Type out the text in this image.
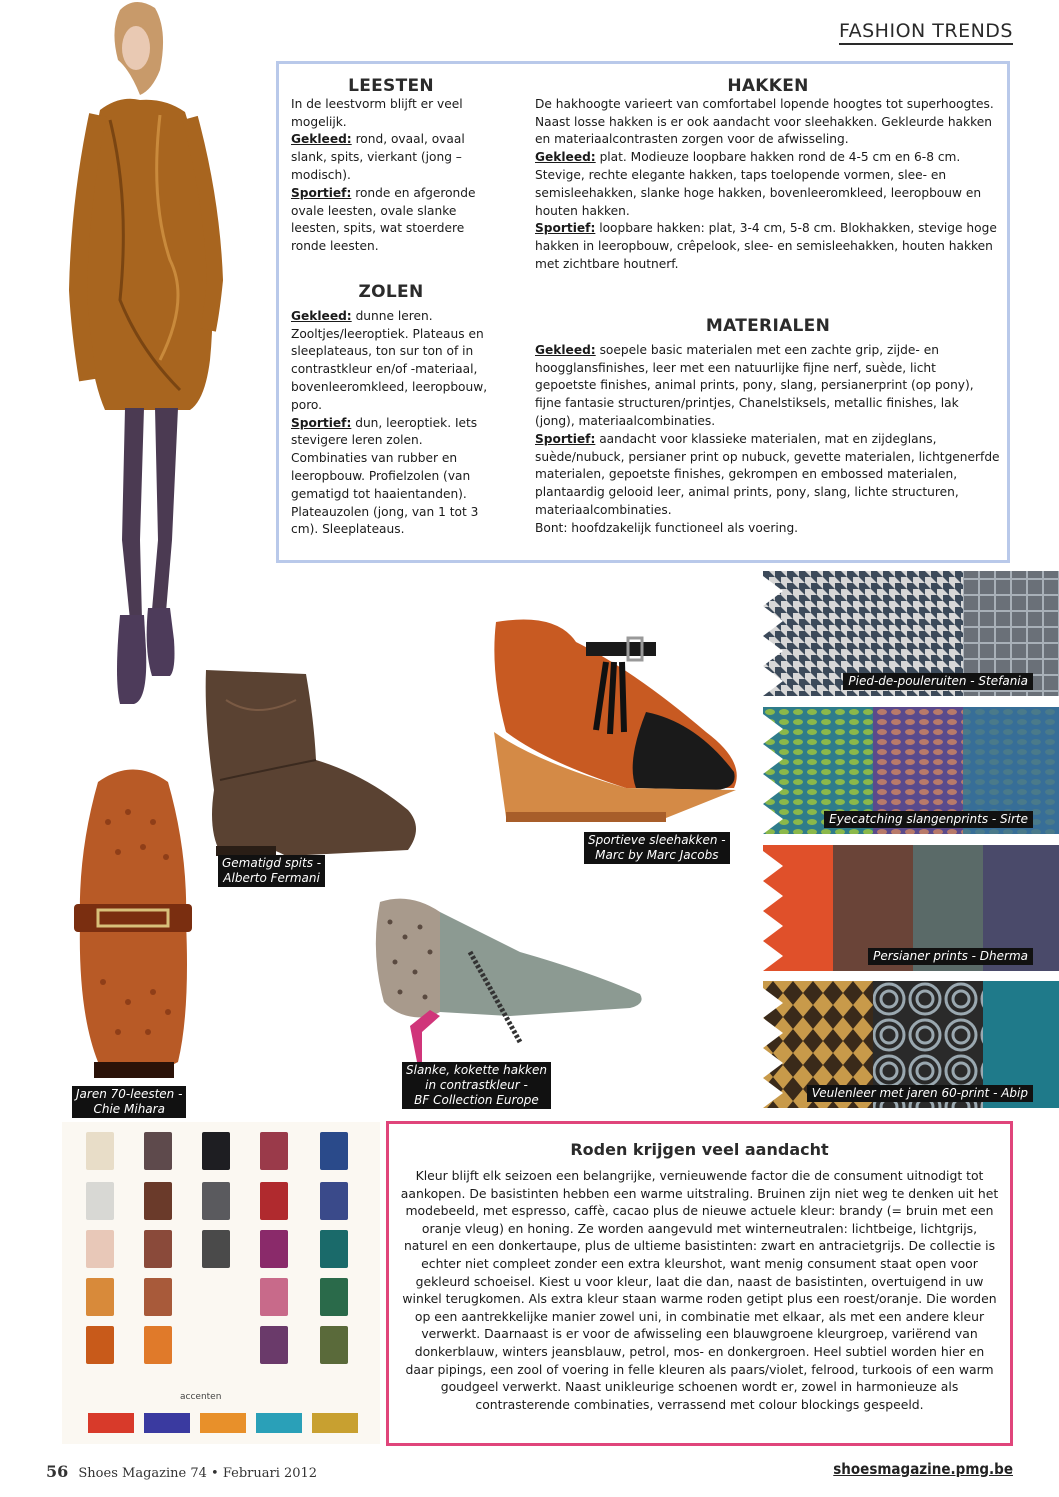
FASHION TRENDS
LEESTEN

In de leestvorm blijft er veel mogelijk.
Gekleed: rond, ovaal, ovaal slank, spits, vierkant (jong – modisch).
Sportief: ronde en afgeronde ovale leesten, ovale slanke leesten, spits, wat stoerdere ronde leesten.

ZOLEN

Gekleed: dunne leren. Zooltjes/leeroptiek. Plateaus en sleeplateaus, ton sur ton of in contrastkleur en/of -materiaal, bovenleeromkleed, leeropbouw, poro.
Sportief: dun, leeroptiek. Iets stevigere leren zolen. Combinaties van rubber en leeropbouw. Profielzolen (van gematigd tot haaientanden). Plateauzolen (jong, van 1 tot 3 cm). Sleeplateaus.

HAKKEN

De hakhoogte varieert van comfortabel lopende hoogtes tot superhoogtes. Naast losse hakken is er ook aandacht voor sleehakken. Gekleurde hakken en materiaalcontrasten zorgen voor de afwisseling.
Gekleed: plat. Modieuze loopbare hakken rond de 4-5 cm en 6-8 cm. Stevige, rechte elegante hakken, taps toelopende vormen, slee- en semisleehakken, slanke hoge hakken, bovenleeromkleed, leeropbouw en houten hakken.
Sportief: loopbare hakken: plat, 3-4 cm, 5-8 cm. Blokhakken, stevige hoge hakken in leeropbouw, crêpelook, slee- en semisleehakken, houten hakken met zichtbare houtnerf.

MATERIALEN

Gekleed: soepele basic materialen met een zachte grip, zijde- en hoogglansfinishes, leer met een natuurlijke fijne nerf, suède, licht gepoetste finishes, animal prints, pony, slang, persianerprint (op pony), fijne fantasie structuren/printjes, Chanelstiksels, metallic finishes, lak (jong), materiaalcombinaties.
Sportief: aandacht voor klassieke materialen, mat en zijdeglans, suède/nubuck, persianer print op nubuck, gevette materialen, lichtgenerfde materialen, gepoetste finishes, gekrompen en embossed materialen, plantaardig gelooid leer, animal prints, pony, slang, lichte structuren, materiaalcombinaties.
Bont: hoofdzakelijk functioneel als voering.

Gematigd spits -
Alberto Fermani
Sportieve sleehakken -
Marc by Marc Jacobs
Jaren 70-leesten -
Chie Mihara
Slanke, kokette hakken
in contrastkleur -
BF Collection Europe
Pied-de-pouleruiten - Stefania
Eyecatching slangenprints - Sirte
Persianer prints - Dherma
Veulenleer met jaren 60-print - Abip
accenten
Roden krijgen veel aandacht

Kleur blijft elk seizoen een belangrijke, vernieuwende factor die de consument uitnodigt tot aankopen. De basistinten hebben een warme uitstraling. Bruinen zijn niet weg te denken uit het modebeeld, met espresso, caffè, cacao plus de nieuwe actuele kleur: brandy (= bruin met een oranje vleug) en honing. Ze worden aangevuld met winterneutralen: lichtbeige, lichtgrijs, naturel en een donkertaupe, plus de ultieme basistinten: zwart en antracietgrijs. De collectie is echter niet compleet zonder een extra kleurshot, want menig consument staat open voor gekleurd schoeisel. Kiest u voor kleur, laat die dan, naast de basistinten, overtuigend in uw winkel terugkomen. Als extra kleur staan warme roden getipt plus een roest/oranje. Die worden op een aantrekkelijke manier zowel uni, in combinatie met elkaar, als met een andere kleur verwerkt. Daarnaast is er voor de afwisseling een blauwgroene kleurgroep, variërend van donkerblauw, winters jeansblauw, petrol, mos- en donkergroen. Heel subtiel worden hier en daar pipings, een zool of voering in felle kleuren als paars/violet, felrood, turkoois of een warm goudgeel verwerkt. Naast unikleurige schoenen wordt er, zowel in harmonieuze als contrasterende combinaties, verrassend met colour blockings gespeeld.

56 Shoes Magazine 74 • Februari 2012	shoesmagazine.pmg.be
